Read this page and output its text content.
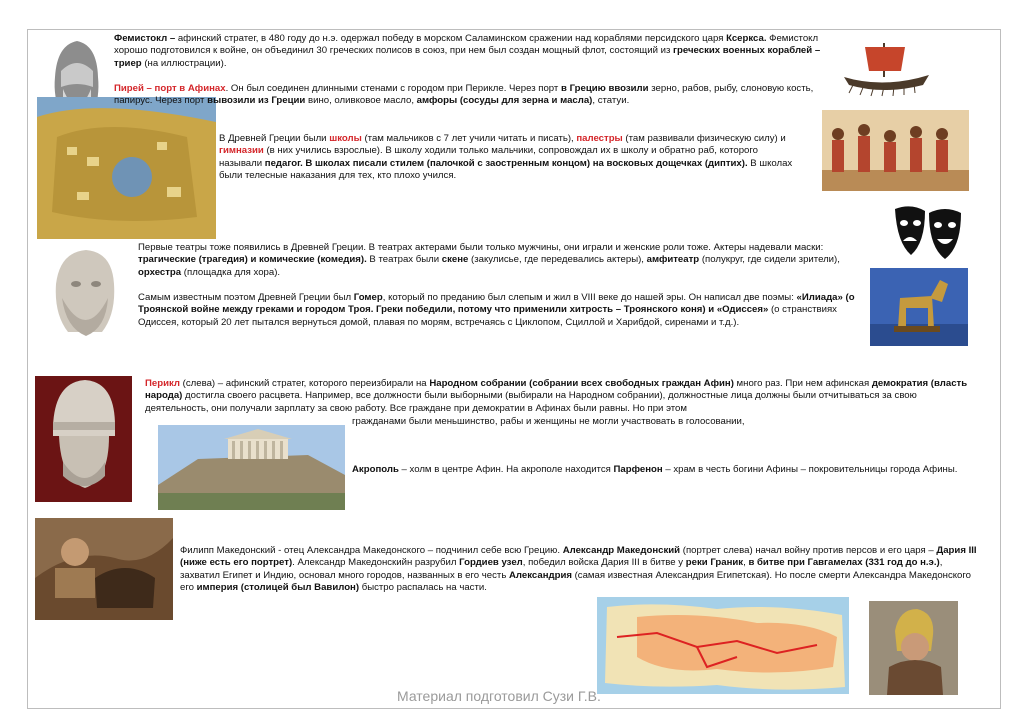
Фемистокл – афинский стратег, в 480 году до н.э. одержал победу в морском Саламинском сражении над кораблями персидского царя Ксеркса. Фемистокл хорошо подготовился к войне, он объединил 30 греческих полисов в союз, при нем был создан мощный флот, состоящий из греческих военных кораблей – триер (на иллюстрации).
Пирей – порт в Афинах. Он был соединен длинными стенами с городом при Перикле. Через порт в Грецию ввозили зерно, рабов, рыбу, слоновую кость, папирус. Через порт вывозили из Греции вино, оливковое масло, амфоры (сосуды для зерна и масла), статуи.
В Древней Греции были школы (там мальчиков с 7 лет учили читать и писать), палестры (там развивали физическую силу) и гимназии (в них учились взрослые). В школу ходили только мальчики, сопровождал их в школу и обратно раб, которого называли педагог. В школах писали стилем (палочкой с заостренным концом) на восковых дощечках (диптих). В школах были телесные наказания для тех, кто плохо учился.
Первые театры тоже появились в Древней Греции. В театрах актерами были только мужчины, они играли и женские роли тоже. Актеры надевали маски: трагические (трагедия) и комические (комедия). В театрах были скене (закулисье, где передевались актеры), амфитеатр (полукруг, где сидели зрители), орхестра (площадка для хора).
Самым известным поэтом Древней Греции был Гомер, который по преданию был слепым и жил в VIII веке до нашей эры. Он написал две поэмы: «Илиада» (о Троянской войне между греками и городом Троя. Греки победили, потому что применили хитрость – Троянского коня) и «Одиссея» (о странствиях Одиссея, который 20 лет пытался вернуться домой, плавая по морям, встречаясь с Циклопом, Сциллой и Харибдой, сиренами и т.д.).
Перикл (слева) – афинский стратег, которого переизбирали на Народном собрании (собрании всех свободных граждан Афин) много раз. При нем афинская демократия (власть народа) достигла своего расцвета. Например, все должности были выборными (выбирали на Народном собрании), должностные лица должны были отчитываться за свою деятельность, они получали зарплату за свою работу. Все граждане при демократии в Афинах были равны. Но при этом
гражданами были меньшинство, рабы и женщины не могли участвовать в голосовании,
Акрополь – холм в центре Афин. На акрополе находится Парфенон – храм в честь богини Афины – покровительницы города Афины.
Филипп Македонский - отец Александра Македонского – подчинил себе всю Грецию. Александр Македонский (портрет слева) начал войну против персов и его царя – Дария III (ниже есть его портрет). Александр Македонскийн разрубил Гордиев узел, победил войска Дария III в битве у реки Граник, в битве при Гавгамелах (331 год до н.э.), захватил Египет и Индию, основал много городов, названных в его честь Александрия (самая известная Александрия Египетская). Но после смерти Александра Македонского его империя (столицей был Вавилон) быстро распалась на части.
Материал подготовил Сузи Г.В.
